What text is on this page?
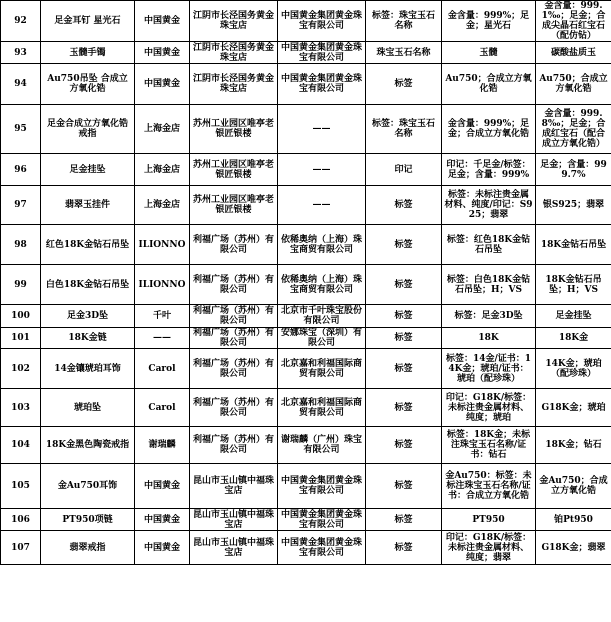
92	足金耳钉 星光石	中国黄金	江阴市长泾国务黄金珠宝店	中国黄金集团黄金珠宝有限公司	标签：珠宝玉石名称	金含量：999%；足金；星光石	金含量：999.1‰；足金；合成尖晶石红宝石（配仿钻）
93	玉髓手镯	中国黄金	江阴市长泾国务黄金珠宝店	中国黄金集团黄金珠宝有限公司	珠宝玉石名称	玉髓	碳酸盐质玉
94	Au750吊坠 合成立方氧化锆	中国黄金	江阴市长泾国务黄金珠宝店	中国黄金集团黄金珠宝有限公司	标签	Au750；合成立方氧化锆	Au750；合成立方氧化锆
95	足金合成立方氧化锆戒指	上海金店	苏州工业园区唯亭老银匠银楼	——	标签：珠宝玉石名称	金含量：999%；足金；合成立方氧化锆	金含量：999.8‰；足金；合成红宝石（配合成立方氧化锆）
96	足金挂坠	上海金店	苏州工业园区唯亭老银匠银楼	——	印记	印记：千足金/标签：足金；含量：999%	足金；含量：999.7%
97	翡翠玉挂件	上海金店	苏州工业园区唯亭老银匠银楼	——	标签	标签：未标注贵金属材料、纯度/印记：S925；翡翠	银S925；翡翠
98	红色18K金钻石吊坠	ILIONNO	利福广场（苏州）有限公司	依稀奥纳（上海）珠宝商贸有限公司	标签	标签：红色18K金钻石吊坠	18K金钻石吊坠
99	白色18K金钻石吊坠	ILIONNO	利福广场（苏州）有限公司	依稀奥纳（上海）珠宝商贸有限公司	标签	标签：白色18K金钻石吊坠；H；VS	18K金钻石吊坠；H；VS
100	足金3D坠	千叶	利福广场（苏州）有限公司	北京市千叶珠宝股份有限公司	标签	标签：足金3D坠	足金挂坠
101	18K金链	——	利福广场（苏州）有限公司	安娜珠宝（深圳）有限公司	标签	18K	18K金
102	14金镶琥珀耳饰	Carol	利福广场（苏州）有限公司	北京嘉和利福国际商贸有限公司	标签	标签：14金/证书：14K金；琥珀/证书：琥珀（配珍珠）	14K金；琥珀（配珍珠）
103	琥珀坠	Carol	利福广场（苏州）有限公司	北京嘉和利福国际商贸有限公司	标签	印记：G18K/标签：未标注贵金属材料、纯度；琥珀	G18K金；琥珀
104	18K金黑色陶瓷戒指	谢瑞麟	利福广场（苏州）有限公司	谢瑞麟（广州）珠宝有限公司	标签	标签：18K金；未标注珠宝玉石名称/证书：钻石	18K金；钻石
105	金Au750耳饰	中国黄金	昆山市玉山镇中福珠宝店	中国黄金集团黄金珠宝有限公司	标签	金Au750：标签：未标注珠宝玉石名称/证书：合成立方氧化锆	金Au750；合成立方氧化锆
106	PT950项链	中国黄金	昆山市玉山镇中福珠宝店	中国黄金集团黄金珠宝有限公司	标签	PT950	铂Pt950
107	翡翠戒指	中国黄金	昆山市玉山镇中福珠宝店	中国黄金集团黄金珠宝有限公司	标签	印记：G18K/标签：未标注贵金属材料、纯度；翡翠	G18K金；翡翠
